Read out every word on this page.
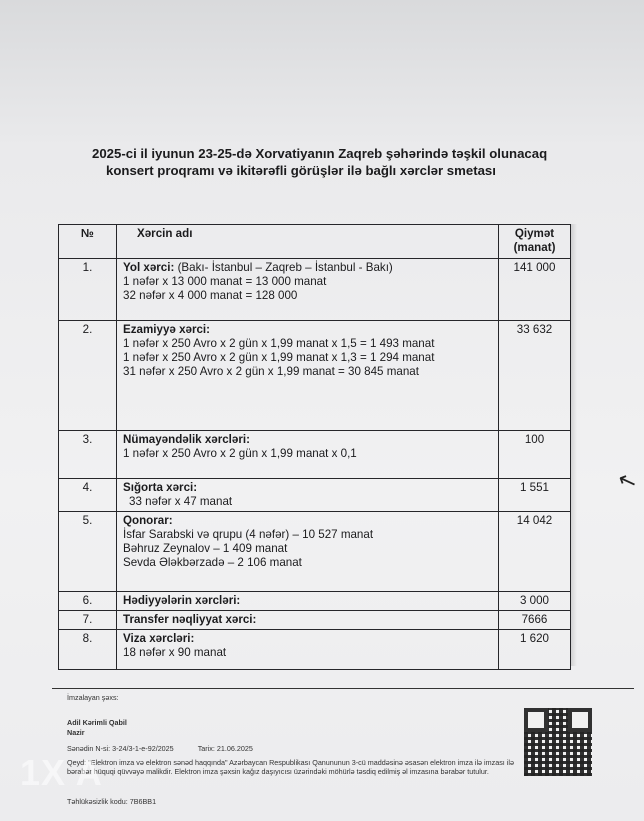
2025-ci il iyunun 23-25-də Xorvatiyanın Zaqreb şəhərində təşkil olunacaq
konsert proqramı və ikitərəfli görüşlər ilə bağlı xərclər smetası
№	Xərcin adı	Qiymət
(manat)

1.	Yol xərci: (Bakı- İstanbul – Zaqreb – İstanbul - Bakı)
1 nəfər x 13 000 manat = 13 000 manat
32 nəfər x 4 000 manat = 128 000	141 000
2.	Ezamiyyə xərci:
1 nəfər x 250 Avro x 2 gün x 1,99 manat x 1,5 = 1 493 manat
1 nəfər x 250 Avro x 2 gün x 1,99 manat x 1,3 = 1 294 manat
31 nəfər x 250 Avro x 2 gün x 1,99 manat = 30 845 manat	33 632
3.	Nümayəndəlik xərcləri:
1 nəfər x 250 Avro x 2 gün x 1,99 manat x 0,1	100
4.	Sığorta xərci:
33 nəfər x 47 manat	1 551
5.	Qonorar:
İsfar Sarabski və qrupu (4 nəfər) – 10 527 manat
Bəhruz Zeynalov – 1 409 manat
Sevda Ələkbərzadə – 2 106 manat	14 042
6.	Hədiyyələrin xərcləri:	3 000
7.	Transfer nəqliyyat xərci:	7666
8.	Viza xərcləri:
18 nəfər x 90 manat	1 620
↖
İmzalayan şəxs:
Adil Kərimli Qabil
Nazir
Sənədin N-si: 3-24/3-1-e-92/2025	Tarix: 21.06.2025
Qeyd: "Elektron imza və elektron sənəd haqqında" Azərbaycan Respublikası Qanununun 3-cü maddəsinə əsasən elektron imza ilə imzası ilə bərabər hüquqi qüvvəyə malikdir. Elektron imza şəxsin kağız daşıyıcısı üzərindəki möhürlə təsdiq edilmiş əl imzasına bərabər tutulur.
Təhlükəsizlik kodu: 7B6BB1
1X A
